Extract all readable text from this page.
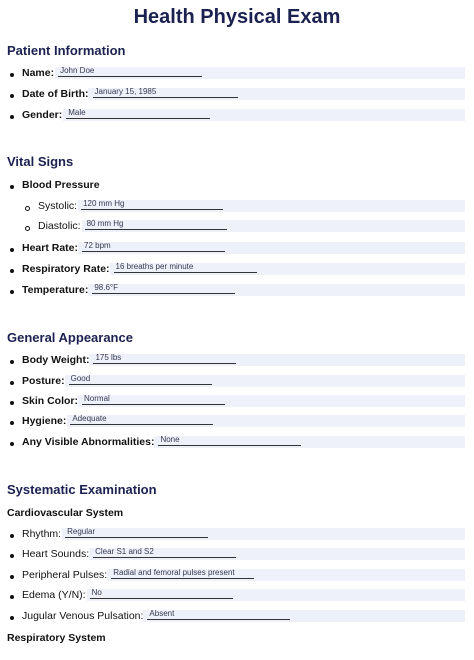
Health Physical Exam
Patient Information
Name: John Doe
Date of Birth: January 15, 1985
Gender: Male
Vital Signs
Blood Pressure
Systolic: 120 mm Hg
Diastolic: 80 mm Hg
Heart Rate: 72 bpm
Respiratory Rate: 16 breaths per minute
Temperature: 98.6°F
General Appearance
Body Weight: 175 lbs
Posture: Good
Skin Color: Normal
Hygiene: Adequate
Any Visible Abnormalities: None
Systematic Examination
Cardiovascular System
Rhythm: Regular
Heart Sounds: Clear S1 and S2
Peripheral Pulses: Radial and femoral pulses present
Edema (Y/N): No
Jugular Venous Pulsation: Absent
Respiratory System
